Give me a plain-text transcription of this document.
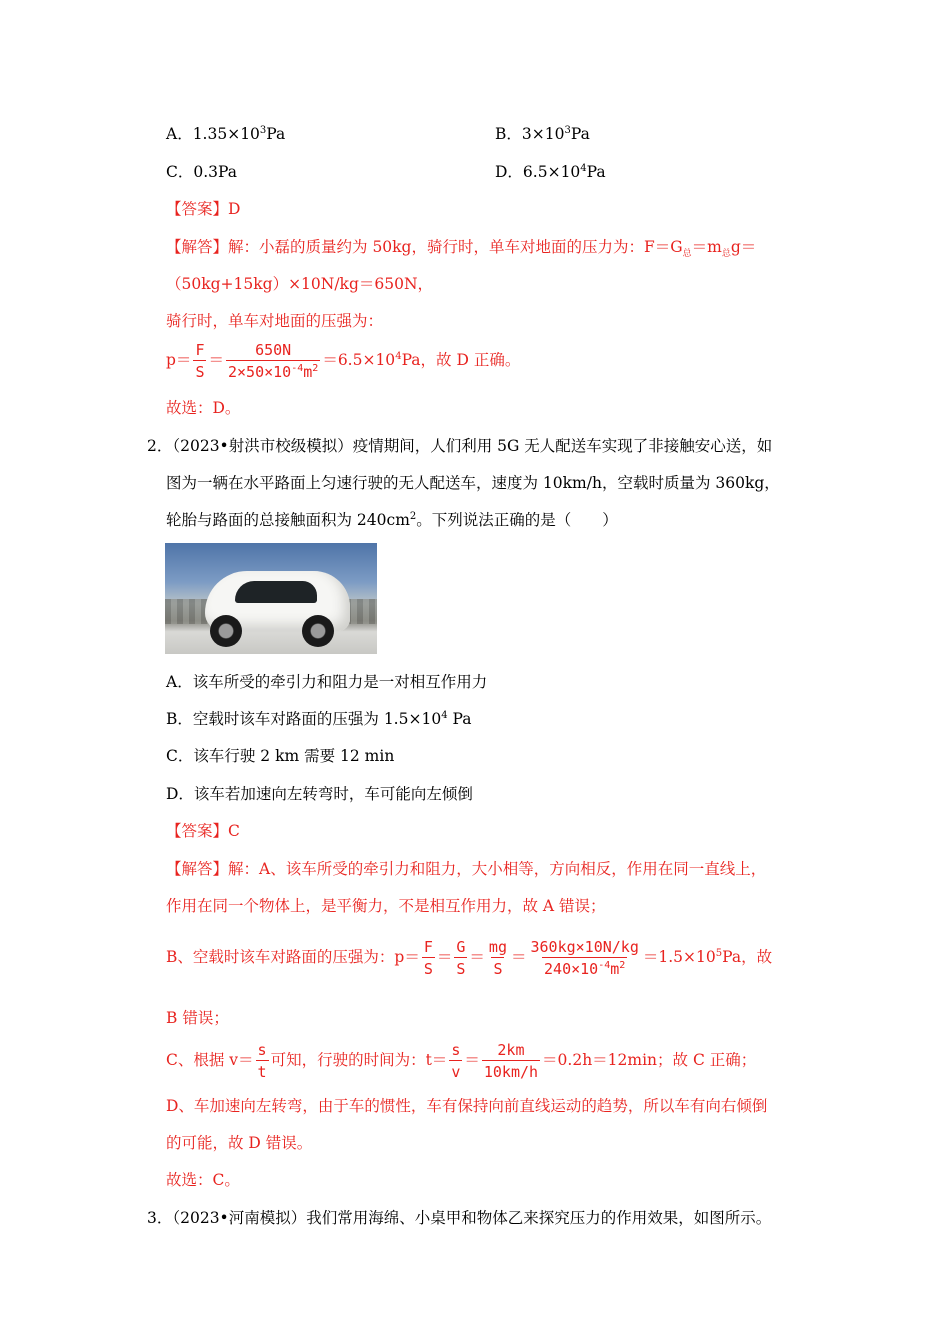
A．$1.35\times 10^3Pa$	B．$3\times 10^3Pa$
C．0.3Pa	D．$6.5\times 10^4Pa$
【答案】D
【解答】解：小磊的质量约为 50kg，骑行时，单车对地面的压力为：$F=G_总=m_总g=$
（50kg+15kg）×10N/kg＝650N，
骑行时，单车对地面的压强为：
$p= \frac{F}{S} = \frac{650N}{2\times 50\times 10^{-4}m^2} =6.5\times 10^4Pa$，故 D 正确。
故选：D。
2．（2023•射洪市校级模拟）疫情期间，人们利用 5G 无人配送车实现了非接触安心送，如
图为一辆在水平路面上匀速行驶的无人配送车，速度为 10km/h，空载时质量为 360kg，
轮胎与路面的总接触面积为 $240cm^2$。下列说法正确的是（　　）
A．该车所受的牵引力和阻力是一对相互作用力
B．空载时该车对路面的压强为 $1.5\times 10^4$ Pa
C．该车行驶 2 km 需要 12 min
D．该车若加速向左转弯时，车可能向左倾倒
【答案】C
【解答】解：A、该车所受的牵引力和阻力，大小相等，方向相反，作用在同一直线上，
作用在同一个物体上，是平衡力，不是相互作用力，故 A 错误；
B、空载时该车对路面的压强为：$p= \frac{F}{S} = \frac{G}{S} = \frac{mg}{S} = \frac{360kg\times 10N/kg}{240\times 10^{-4}m^2} =1.5\times 10^5Pa$，故
B 错误；
C、根据 $v= \frac{s}{t}$ 可知，行驶的时间为：$t= \frac{s}{v} = \frac{2km}{10km/h} =0.2h=12\min$；故 C 正确；
D、车加速向左转弯，由于车的惯性，车有保持向前直线运动的趋势，所以车有向右倾倒
的可能，故 D 错误。
故选：C。
3．（2023•河南模拟）我们常用海绵、小桌甲和物体乙来探究压力的作用效果，如图所示。
